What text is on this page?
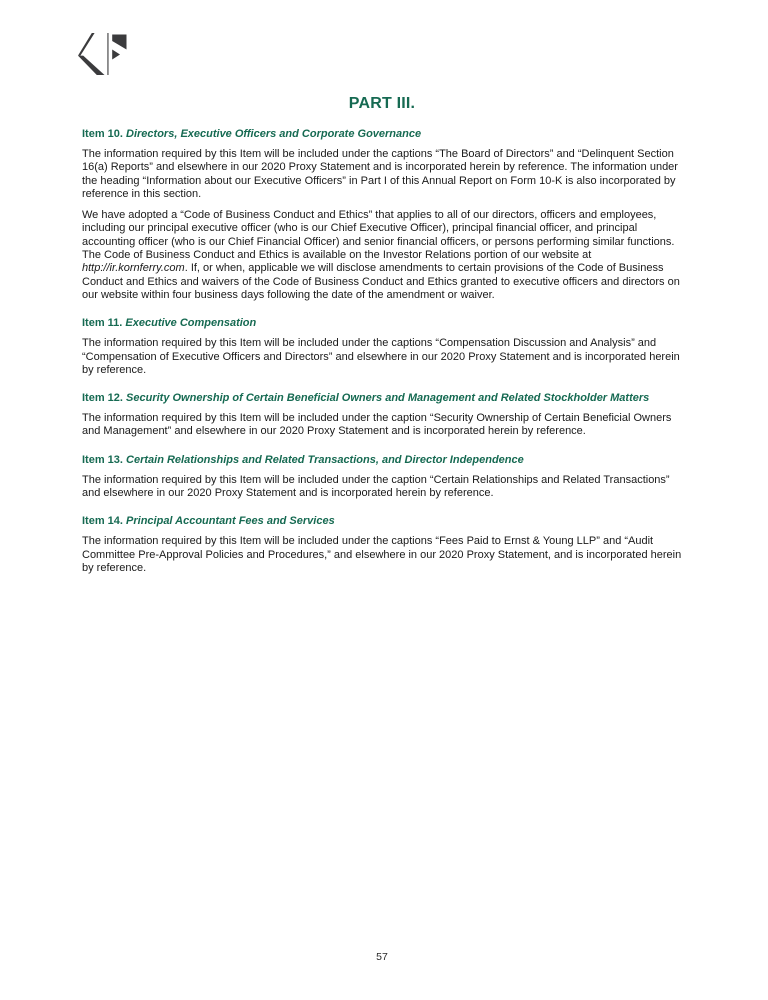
PART III.
Item 10. Directors, Executive Officers and Corporate Governance

The information required by this Item will be included under the captions “The Board of Directors” and “Delinquent Section 16(a) Reports” and elsewhere in our 2020 Proxy Statement and is incorporated herein by reference. The information under the heading “Information about our Executive Officers” in Part I of this Annual Report on Form 10-K is also incorporated by reference in this section.

We have adopted a “Code of Business Conduct and Ethics” that applies to all of our directors, officers and employees, including our principal executive officer (who is our Chief Executive Officer), principal financial officer, and principal accounting officer (who is our Chief Financial Officer) and senior financial officers, or persons performing similar functions. The Code of Business Conduct and Ethics is available on the Investor Relations portion of our website at http://ir.kornferry.com. If, or when, applicable we will disclose amendments to certain provisions of the Code of Business Conduct and Ethics and waivers of the Code of Business Conduct and Ethics granted to executive officers and directors on our website within four business days following the date of the amendment or waiver.

Item 11. Executive Compensation

The information required by this Item will be included under the captions “Compensation Discussion and Analysis” and “Compensation of Executive Officers and Directors” and elsewhere in our 2020 Proxy Statement and is incorporated herein by reference.

Item 12. Security Ownership of Certain Beneficial Owners and Management and Related Stockholder Matters

The information required by this Item will be included under the caption “Security Ownership of Certain Beneficial Owners and Management” and elsewhere in our 2020 Proxy Statement and is incorporated herein by reference.

Item 13. Certain Relationships and Related Transactions, and Director Independence

The information required by this Item will be included under the caption “Certain Relationships and Related Transactions” and elsewhere in our 2020 Proxy Statement and is incorporated herein by reference.

Item 14. Principal Accountant Fees and Services

The information required by this Item will be included under the captions “Fees Paid to Ernst & Young LLP” and “Audit Committee Pre-Approval Policies and Procedures,” and elsewhere in our 2020 Proxy Statement, and is incorporated herein by reference.

57
